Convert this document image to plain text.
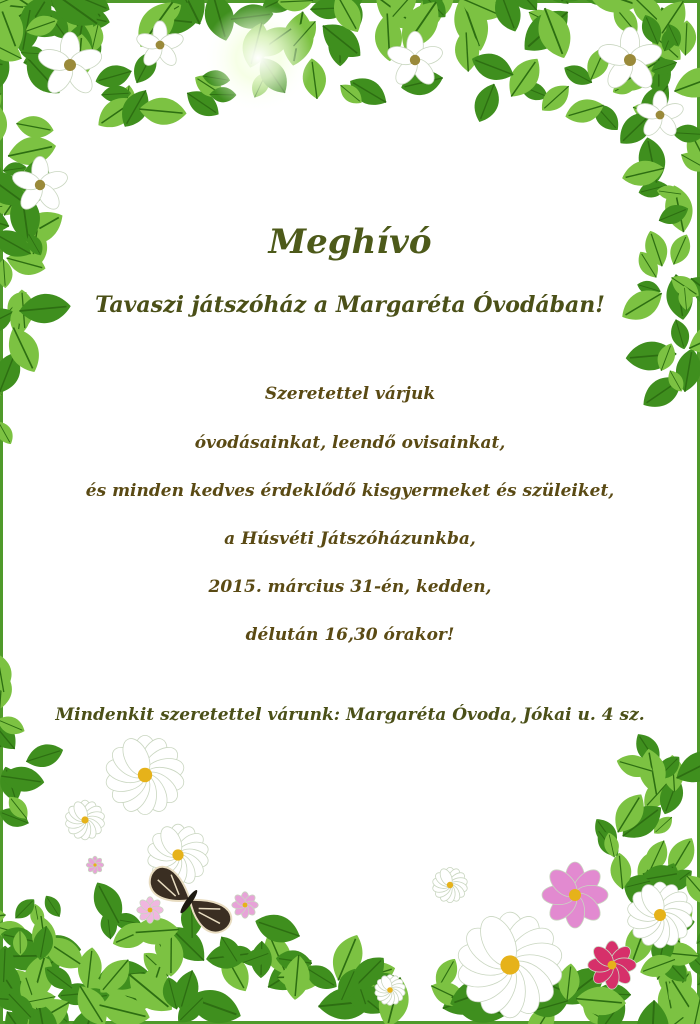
Meghívó
Tavaszi játszóház a Margaréta Óvodában!
Szeretettel várjuk
óvodásainkat, leendő ovisainkat,
és minden kedves érdeklődő kisgyermeket és szüleiket,
a Húsvéti Játszóházunkba,
2015. március 31-én, kedden,
délután 16,30 órakor!
Mindenkit szeretettel várunk: Margaréta Óvoda, Jókai u. 4 sz.
